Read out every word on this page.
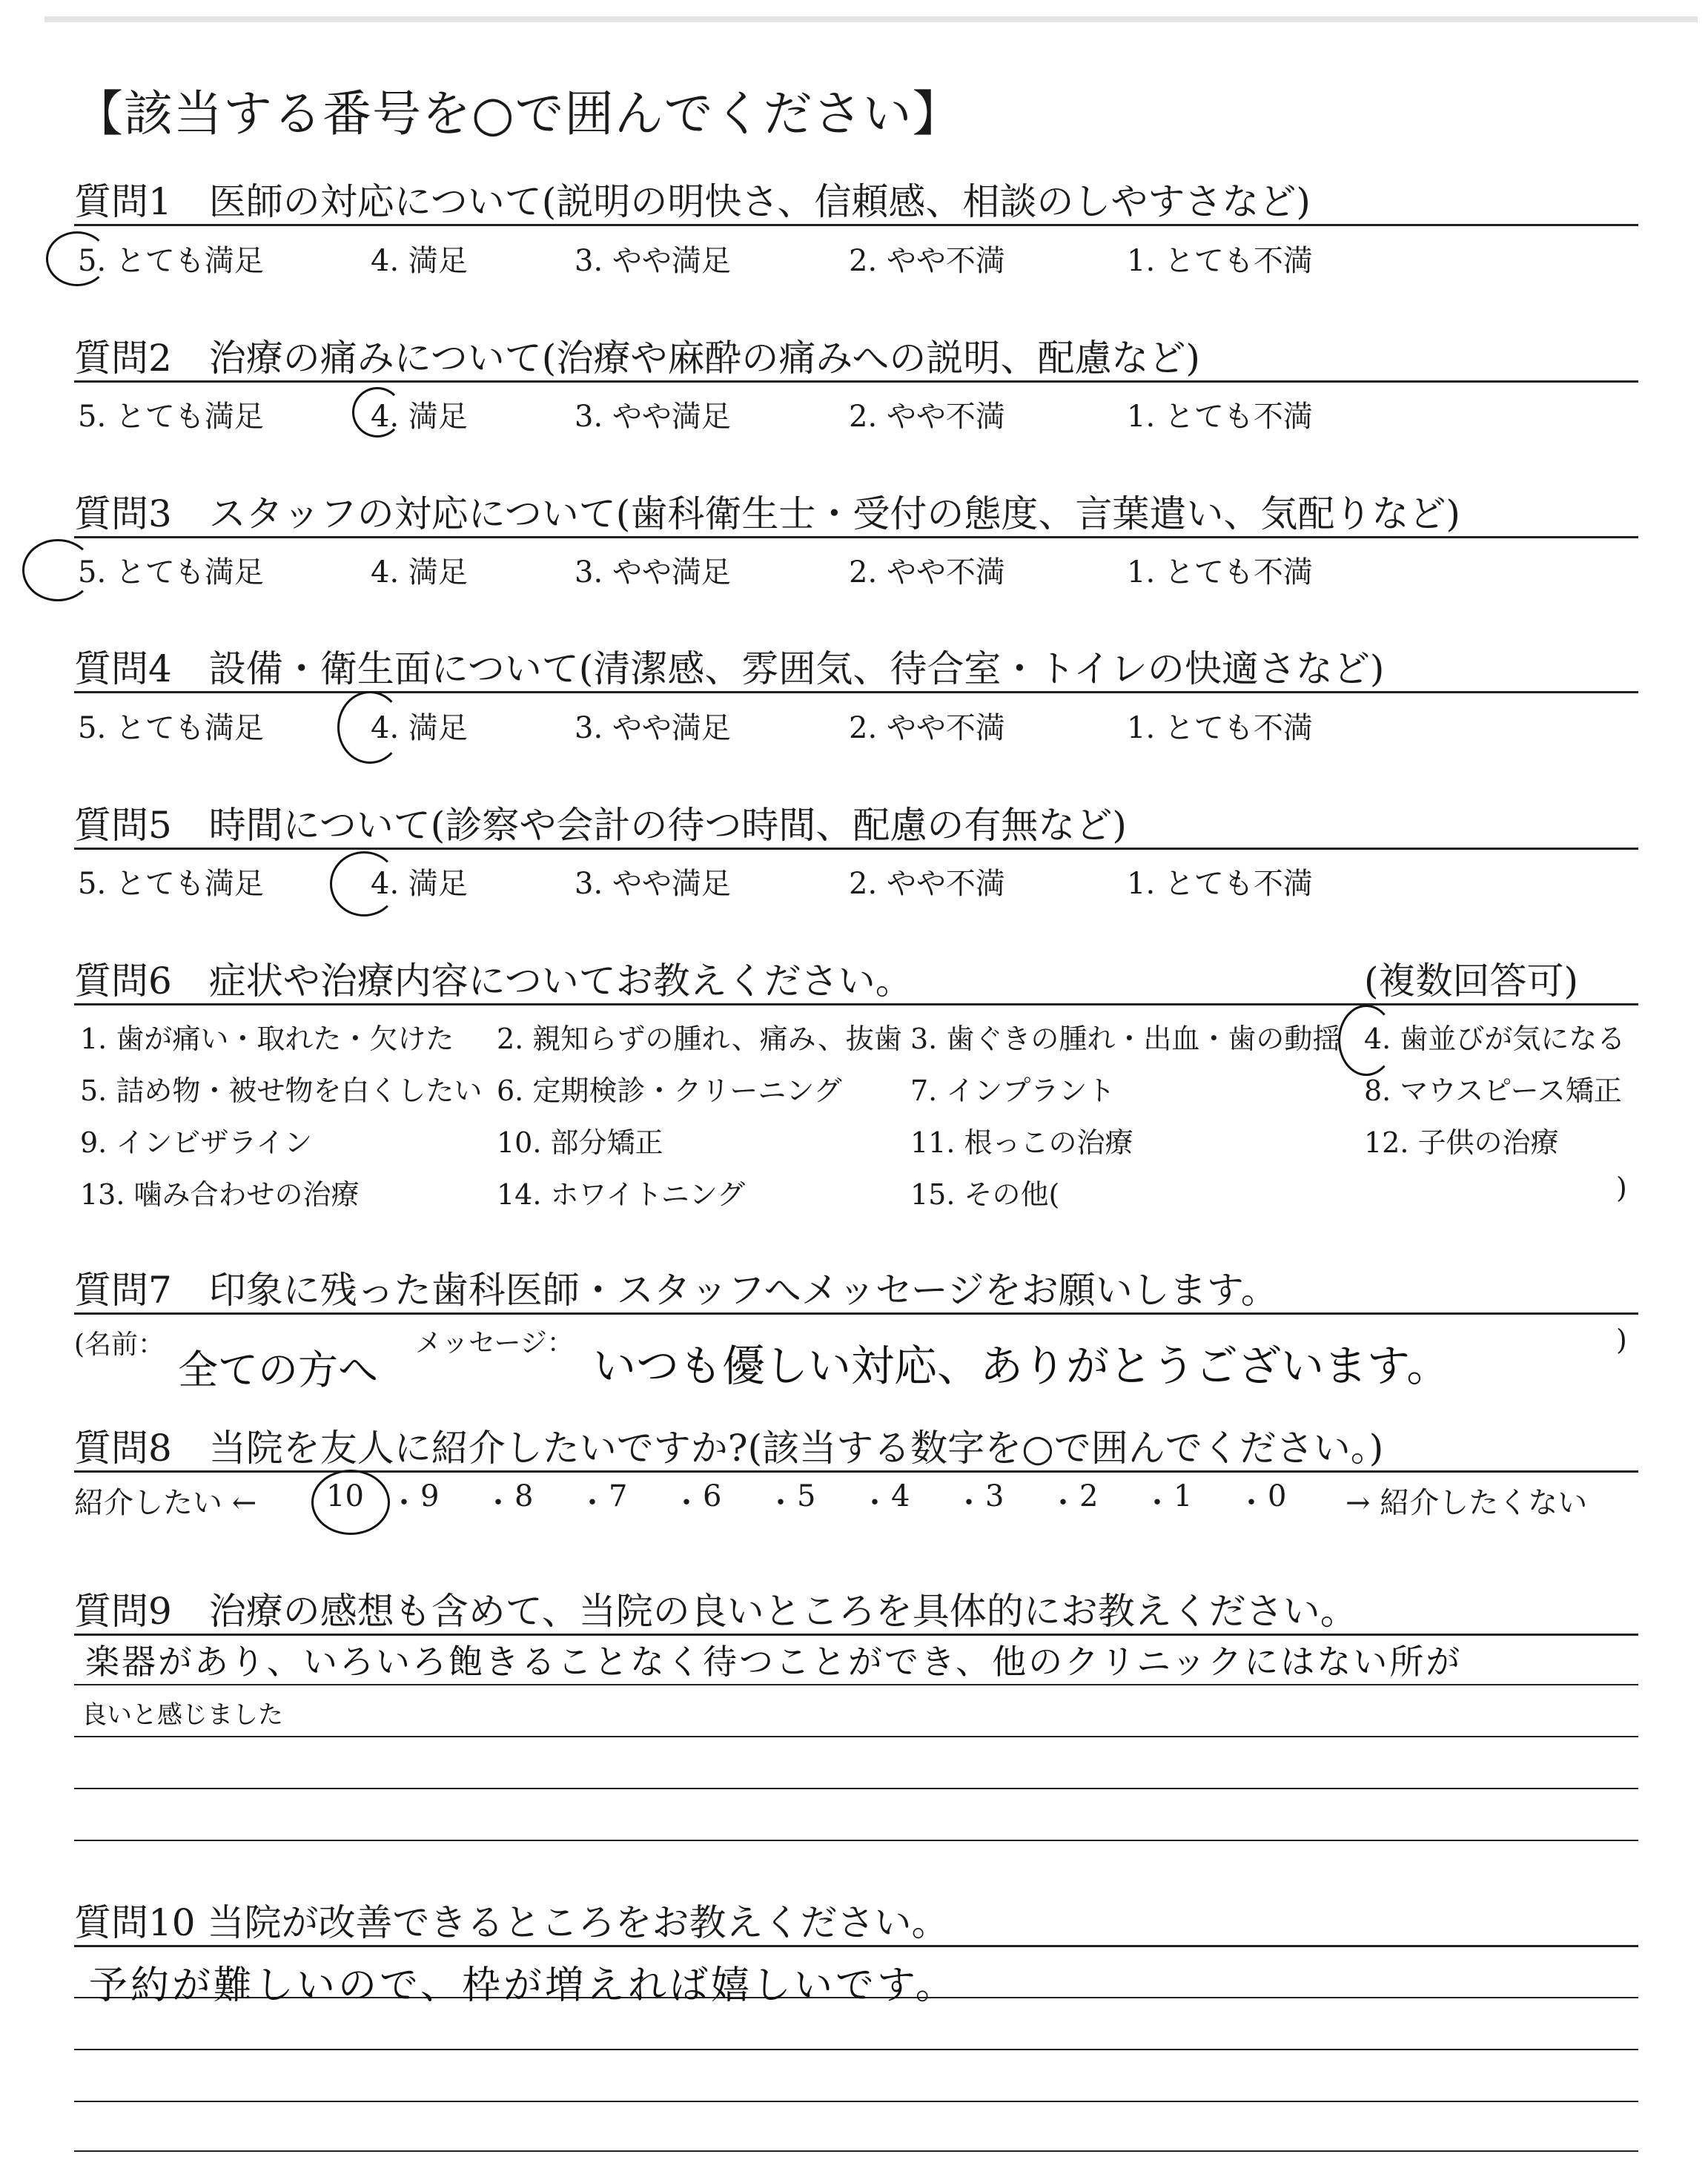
【該当する番号を○で囲んでください】
質問1　医師の対応について(説明の明快さ、信頼感、相談のしやすさなど)
5. とても満足	4. 満足	3. やや満足	2. やや不満	1. とても不満
質問2　治療の痛みについて(治療や麻酔の痛みへの説明、配慮など)
5. とても満足	4. 満足	3. やや満足	2. やや不満	1. とても不満
質問3　スタッフの対応について(歯科衛生士・受付の態度、言葉遣い、気配りなど)
5. とても満足	4. 満足	3. やや満足	2. やや不満	1. とても不満
質問4　設備・衛生面について(清潔感、雰囲気、待合室・トイレの快適さなど)
5. とても満足	4. 満足	3. やや満足	2. やや不満	1. とても不満
質問5　時間について(診察や会計の待つ時間、配慮の有無など)
5. とても満足	4. 満足	3. やや満足	2. やや不満	1. とても不満
質問6　症状や治療内容についてお教えください。	(複数回答可)
1. 歯が痛い・取れた・欠けた 2. 親知らずの腫れ、痛み、抜歯 3. 歯ぐきの腫れ・出血・歯の動揺 4. 歯並びが気になる
5. 詰め物・被せ物を白くしたい 6. 定期検診・クリーニング 7. インプラント	8. マウスピース矯正
9. インビザライン	10. 部分矯正	11. 根っこの治療	12. 子供の治療
13. 噛み合わせの治療	14. ホワイトニング	15. その他(	)
質問7　印象に残った歯科医師・スタッフへメッセージをお願いします。
(名前：
全ての方へ
メッセージ： いつも優しい対応、ありがとうございます。
)
質問8　当院を友人に紹介したいですか?(該当する数字を○で囲んでください。)
紹介したい ← 10 ・ 9 ・ 8 ・ 7 ・ 6 ・ 5 ・ 4 ・ 3 ・ 2 ・ 1 ・ 0 → 紹介したくない
質問9　治療の感想も含めて、当院の良いところを具体的にお教えください。
楽器があり、いろいろ飽きることなく待つことができ、他のクリニックにはない所が
良いと感じました
質問10 当院が改善できるところをお教えください。
予約が難しいので、枠が増えれば嬉しいです。
